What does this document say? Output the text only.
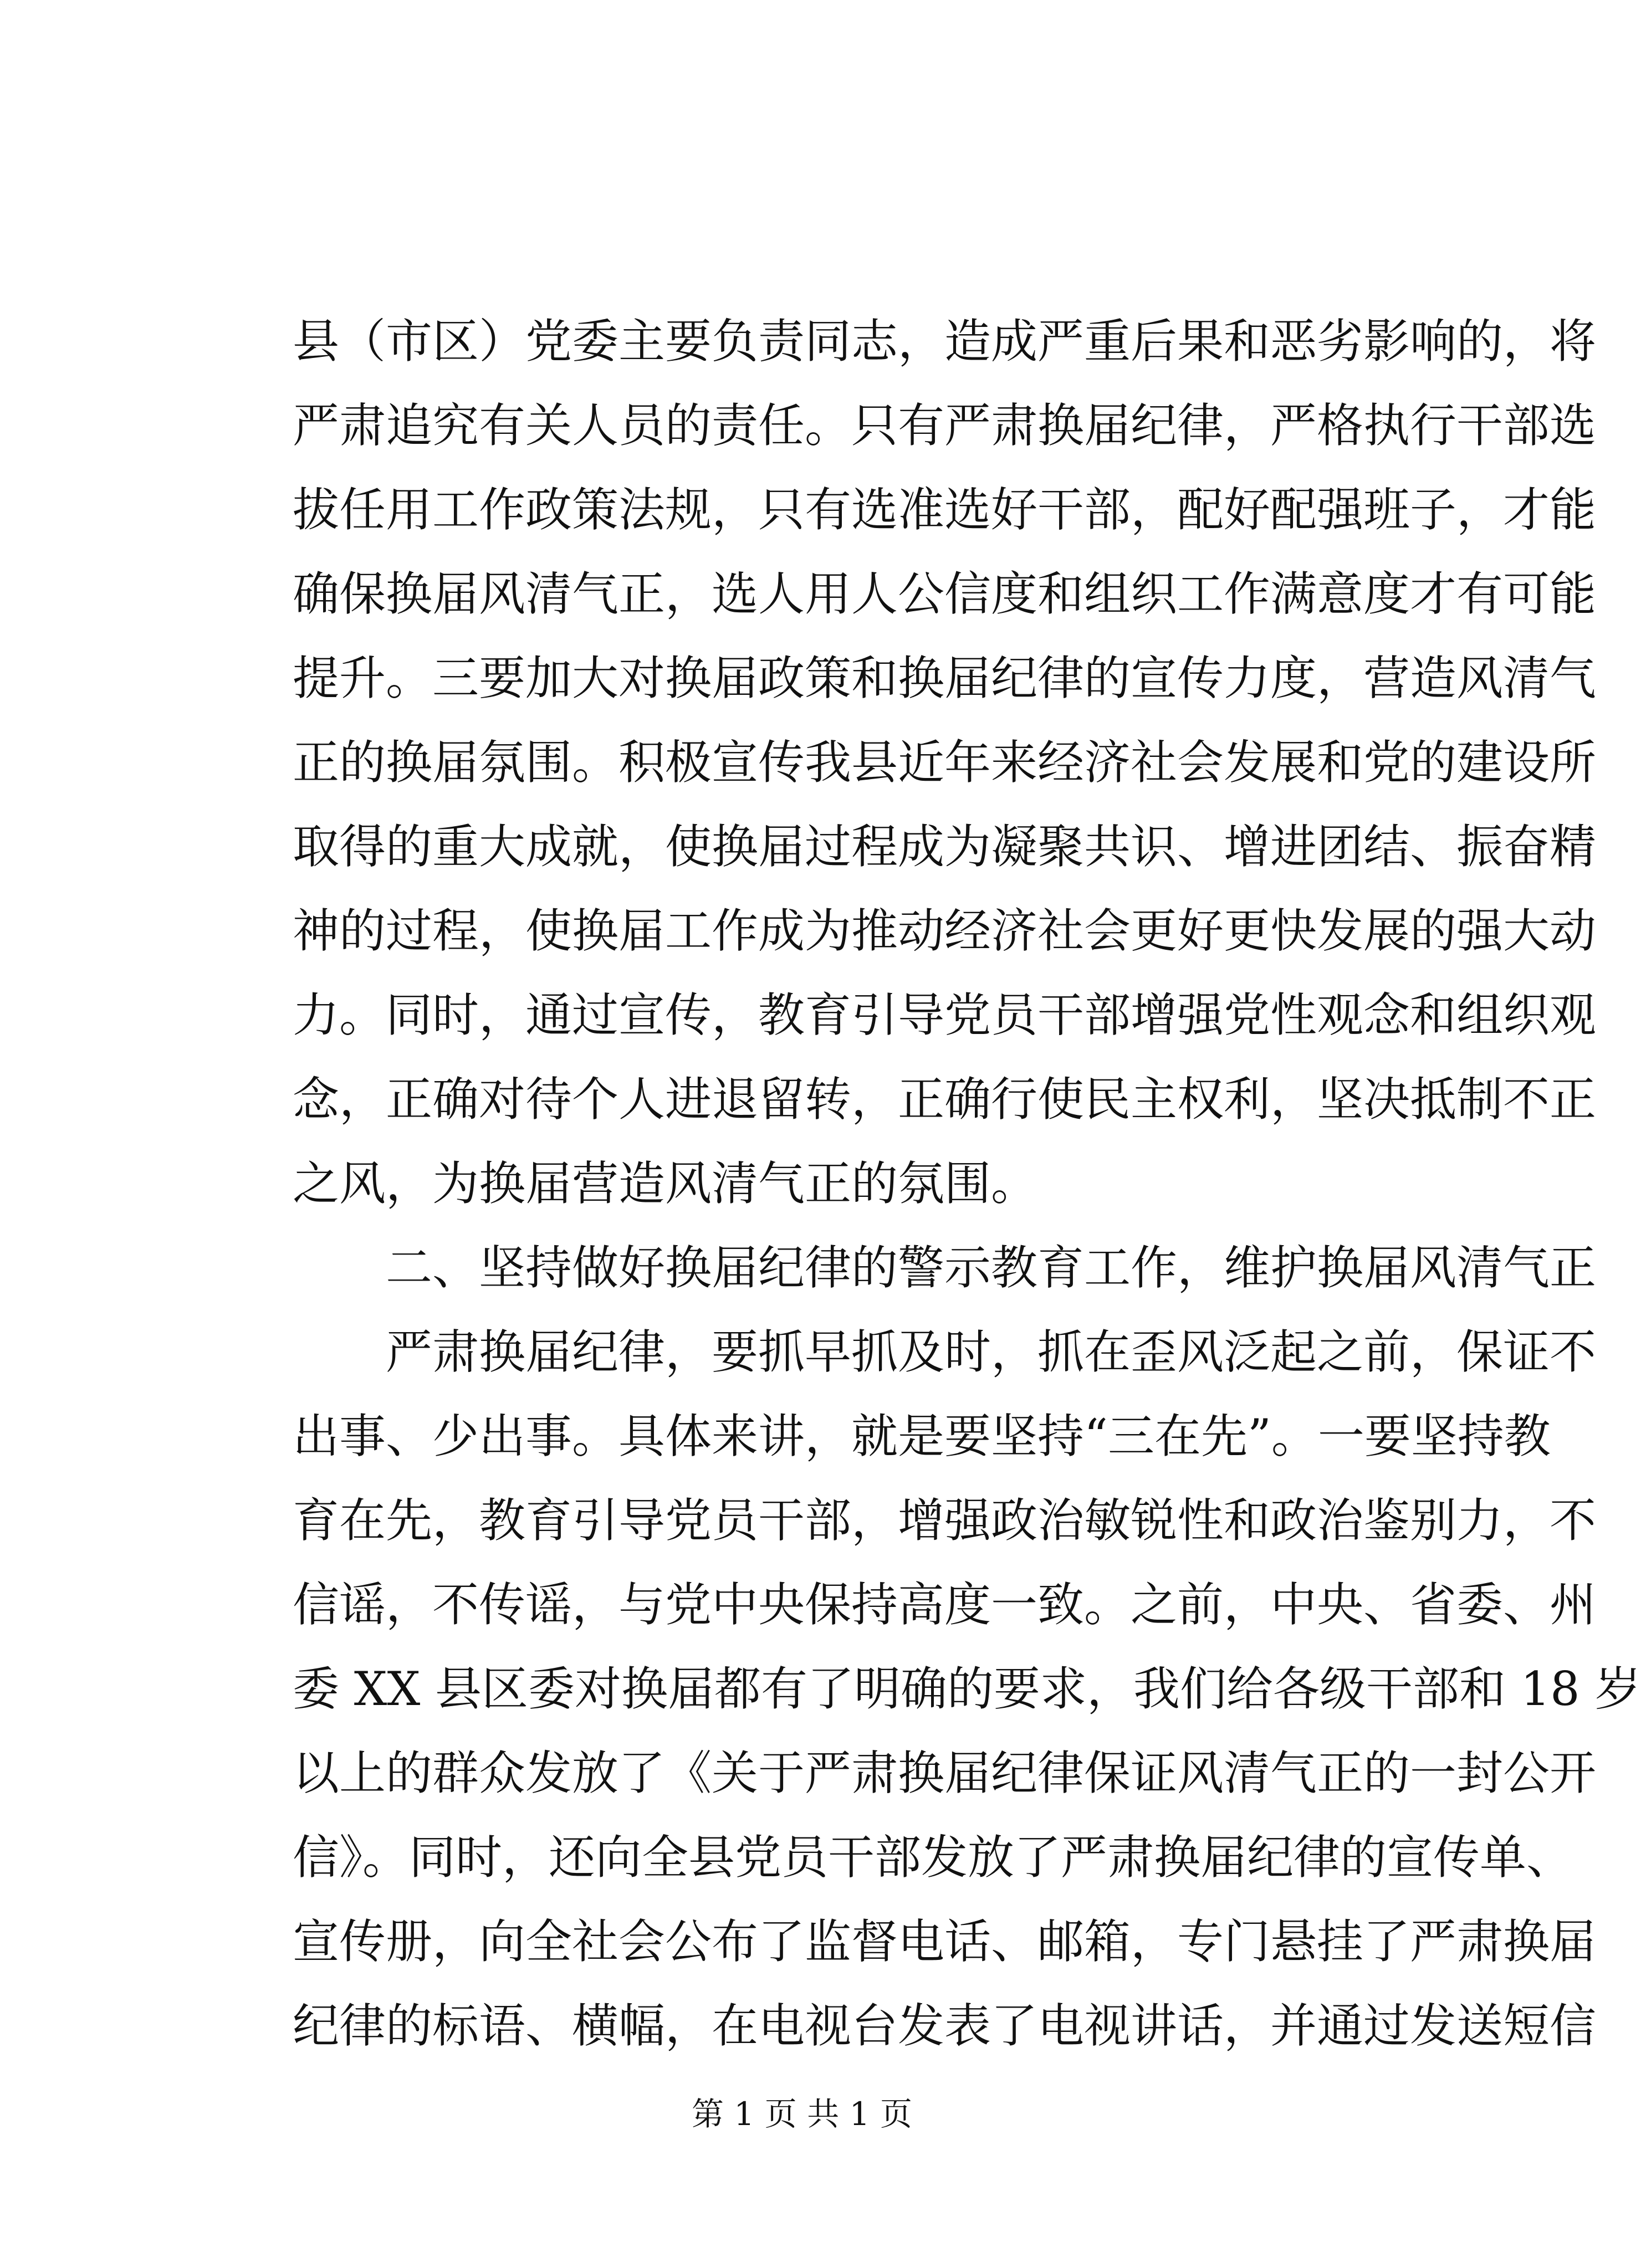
县（市区）党委主要负责同志，造成严重后果和恶劣影响的，将
严肃追究有关人员的责任。只有严肃换届纪律，严格执行干部选
拔任用工作政策法规，只有选准选好干部，配好配强班子，才能
确保换届风清气正，选人用人公信度和组织工作满意度才有可能
提升。三要加大对换届政策和换届纪律的宣传力度，营造风清气
正的换届氛围。积极宣传我县近年来经济社会发展和党的建设所
取得的重大成就，使换届过程成为凝聚共识、增进团结、振奋精
神的过程，使换届工作成为推动经济社会更好更快发展的强大动
力。同时，通过宣传，教育引导党员干部增强党性观念和组织观
念，正确对待个人进退留转，正确行使民主权利，坚决抵制不正
之风，为换届营造风清气正的氛围。
二、坚持做好换届纪律的警示教育工作，维护换届风清气正
严肃换届纪律，要抓早抓及时，抓在歪风泛起之前，保证不
出事、少出事。具体来讲，就是要坚持“三在先”。一要坚持教
育在先，教育引导党员干部，增强政治敏锐性和政治鉴别力，不
信谣，不传谣，与党中央保持高度一致。之前，中央、省委、州
委 XX 县区委对换届都有了明确的要求，我们给各级干部和 18 岁
以上的群众发放了《关于严肃换届纪律保证风清气正的一封公开
信》。同时，还向全县党员干部发放了严肃换届纪律的宣传单、
宣传册，向全社会公布了监督电话、邮箱，专门悬挂了严肃换届
纪律的标语、横幅，在电视台发表了电视讲话，并通过发送短信
第 1 页 共 1 页
